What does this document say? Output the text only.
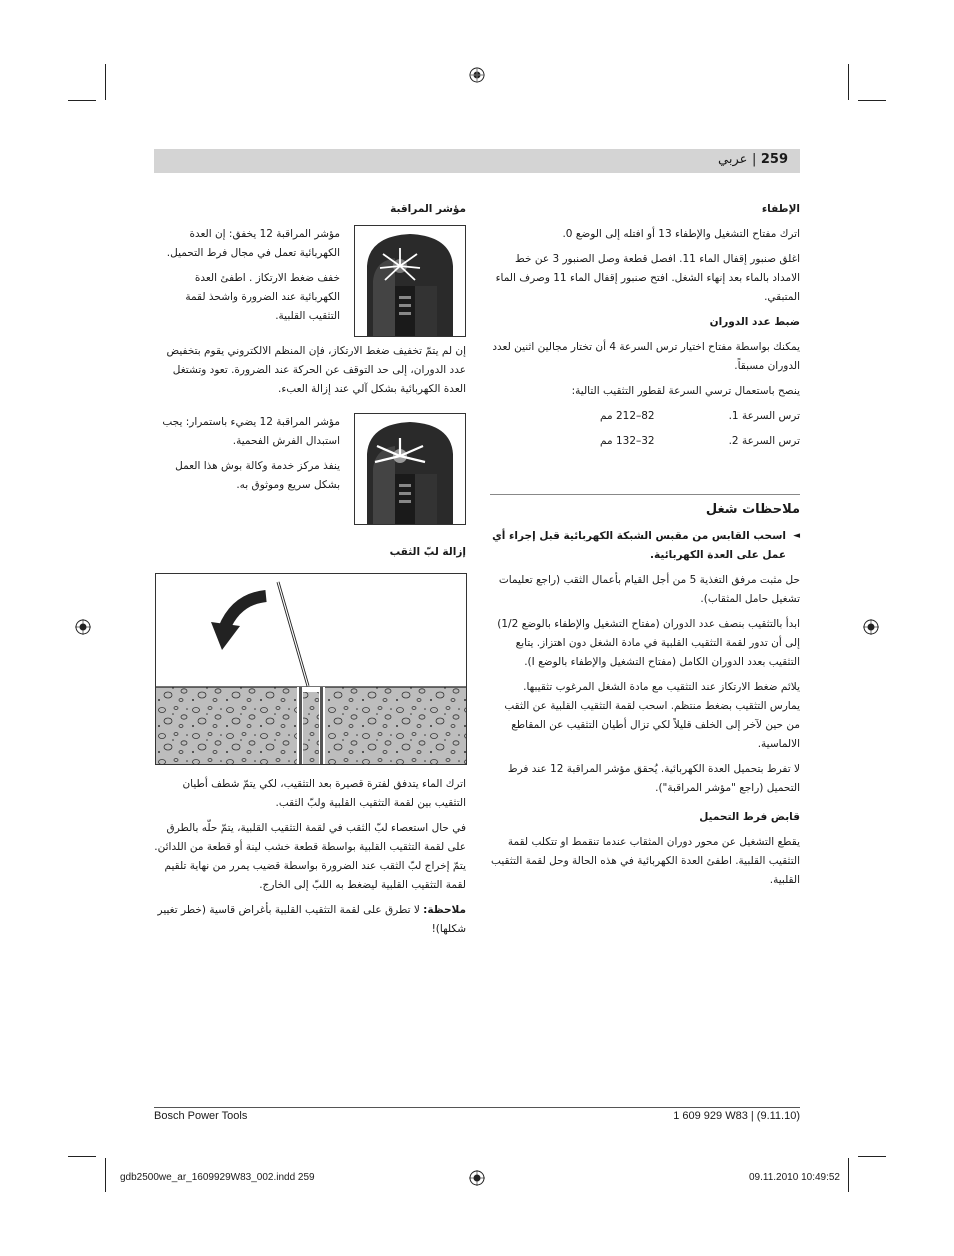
259 | عربي
الإطفاء

اترك مفتاح التشغيل والإطفاء 13 أو افتله إلى الوضع 0.

اغلق صنبور إقفال الماء 11. افصل قطعة وصل الصنبور 3 عن خط الامداد بالماء بعد إنهاء الشغل. افتح صنبور إقفال الماء 11 وصرف الماء المتبقي.

ضبط عدد الدوران

يمكنك بواسطة مفتاح اختيار ترس السرعة 4 أن تختار مجالين اثنين لعدد الدوران مسبقاً.

ينصح باستعمال ترسي السرعة لقطور التثقيب التالية:

ترس السرعة 1.
82–212 مم
ترس السرعة 2.
32–132 مم
ملاحظات شغل

◄
اسحب القابس من مقبس الشبكة الكهربائية قبل إجراء أي عمل على العدة الكهربائية.

حل مثبت مرفق التغذية 5 من أجل القيام بأعمال الثقب (راجع تعليمات تشغيل حامل المثقاب).

ابدأ بالتثقيب بنصف عدد الدوران (مفتاح التشغيل والإطفاء بالوضع 1/2) إلى أن تدور لقمة التثقيب القلبية في مادة الشغل دون اهتزاز. يتابع التثقيب بعدد الدوران الكامل (مفتاح التشغيل والإطفاء بالوضع I).

يلائم ضغط الارتكاز عند التثقيب مع مادة الشغل المرغوب تثقيبها. يمارس التثقيب بضغط منتظم. اسحب لقمة التثقيب القلبية عن الثقب من حين لآخر إلى الخلف قليلاً لكي تزال أطيان التثقيب عن المقاطع الالماسية.

لا تفرط بتحميل العدة الكهربائية. يُحقق مؤشر المراقبة 12 عند فرط التحميل (راجع "مؤشر المراقبة").

قابض فرط التحميل

يقطع التشغيل عن محور دوران المثقاب عندما تنقمط او تتكلب لقمة التثقيب القلبية. اطفئ العدة الكهربائية في هذه الحالة وحل لقمة التثقيب القلبية.

مؤشر المراقبة

مؤشر المراقبة 12 يخفق: إن العدة الكهربائية تعمل في مجال فرط التحميل.

خفف ضغط الارتكاز . اطفئ العدة الكهربائية عند الضرورة واشحذ لقمة التثقيب القلبية.

إن لم يتمّ تخفيف ضغط الارتكاز، فإن المنظم الالكتروني يقوم بتخفيض عدد الدوران، إلى حد التوقف عن الحركة عند الضرورة. تعود وتشتغل العدة الكهربائية بشكل آلي عند إزالة العبء.

مؤشر المراقبة 12 يضيء باستمرار: يجب استبدال الفرش الفحمية.

ينفذ مركز خدمة وكالة بوش هذا العمل بشكل سريع وموثوق به.

إزالة لبّ الثقب

اترك الماء يتدفق لفترة قصيرة بعد التثقيب، لكي يتمّ شطف أطيان التثقيب بين لقمة التثقيب القلبية ولبّ الثقب.

في حال استعصاء لبّ الثقب في لقمة التثقيب القلبية، يتمّ حلّه بالطرق على لقمة التثقيب القلبية بواسطة قطعة خشب لينة أو قطعة من اللدائن. يتمّ إخراج لبّ الثقب عند الضرورة بواسطة قضيب يمرر من نهاية تلقيم لقمة التثقيب القلبية ليضغط به اللبّ إلى الخارج.

ملاحظة: لا تطرق على لقمة التثقيب القلبية بأغراض قاسية (خطر تغيير شكلها)!

Bosch Power Tools	1 609 929 W83 | (9.11.10)
gdb2500we_ar_1609929W83_002.indd 259	09.11.2010 10:49:52
